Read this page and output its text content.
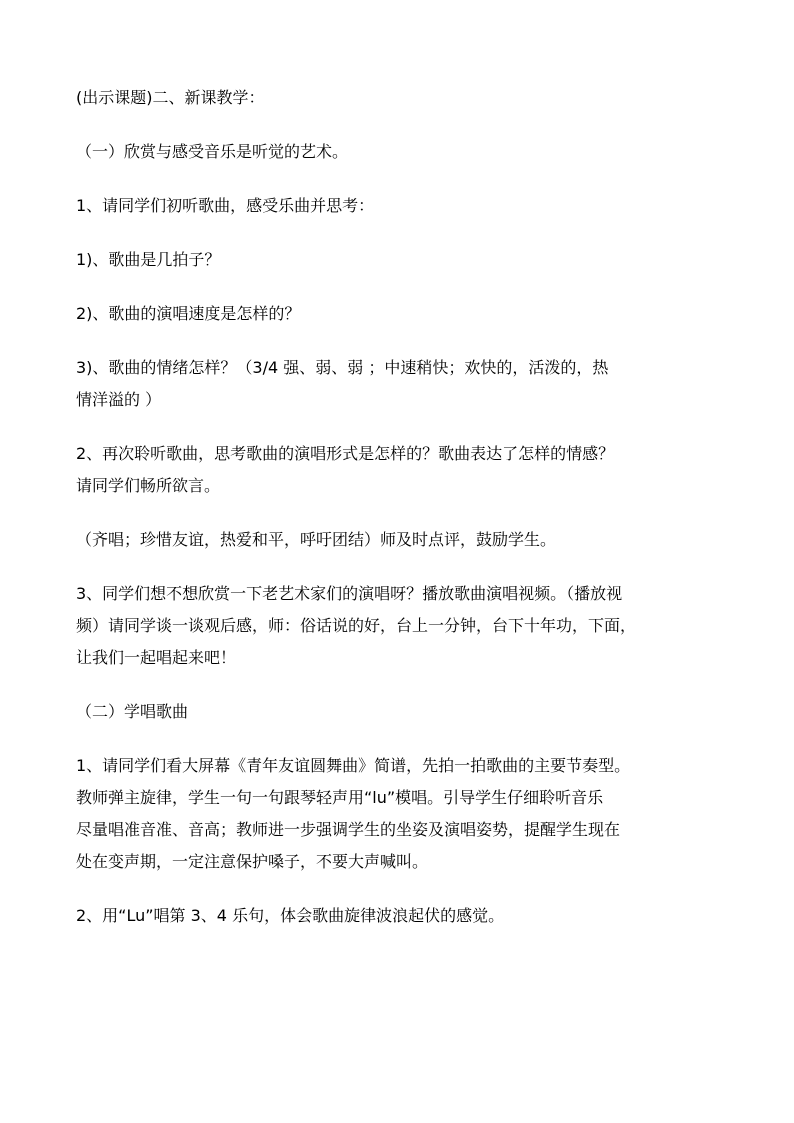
(出示课题)二、新课教学：
（一）欣赏与感受音乐是听觉的艺术。
1、请同学们初听歌曲，感受乐曲并思考：
1)、歌曲是几拍子？
2)、歌曲的演唱速度是怎样的？
3)、歌曲的情绪怎样？（3/4 强、弱、弱 ；中速稍快；欢快的，活泼的，热
情洋溢的 ）
2、再次聆听歌曲，思考歌曲的演唱形式是怎样的？歌曲表达了怎样的情感？
请同学们畅所欲言。
（齐唱；珍惜友谊，热爱和平，呼吁团结）师及时点评，鼓励学生。
3、同学们想不想欣赏一下老艺术家们的演唱呀？播放歌曲演唱视频。（播放视
频）请同学谈一谈观后感，师：俗话说的好，台上一分钟，台下十年功，下面，
让我们一起唱起来吧！
（二）学唱歌曲
1、请同学们看大屏幕《青年友谊圆舞曲》简谱，先拍一拍歌曲的主要节奏型。
教师弹主旋律，学生一句一句跟琴轻声用“lu”模唱。引导学生仔细聆听音乐
尽量唱准音准、音高；教师进一步强调学生的坐姿及演唱姿势，提醒学生现在
处在变声期，一定注意保护嗓子，不要大声喊叫。
2、用“Lu”唱第 3、4 乐句，体会歌曲旋律波浪起伏的感觉。
